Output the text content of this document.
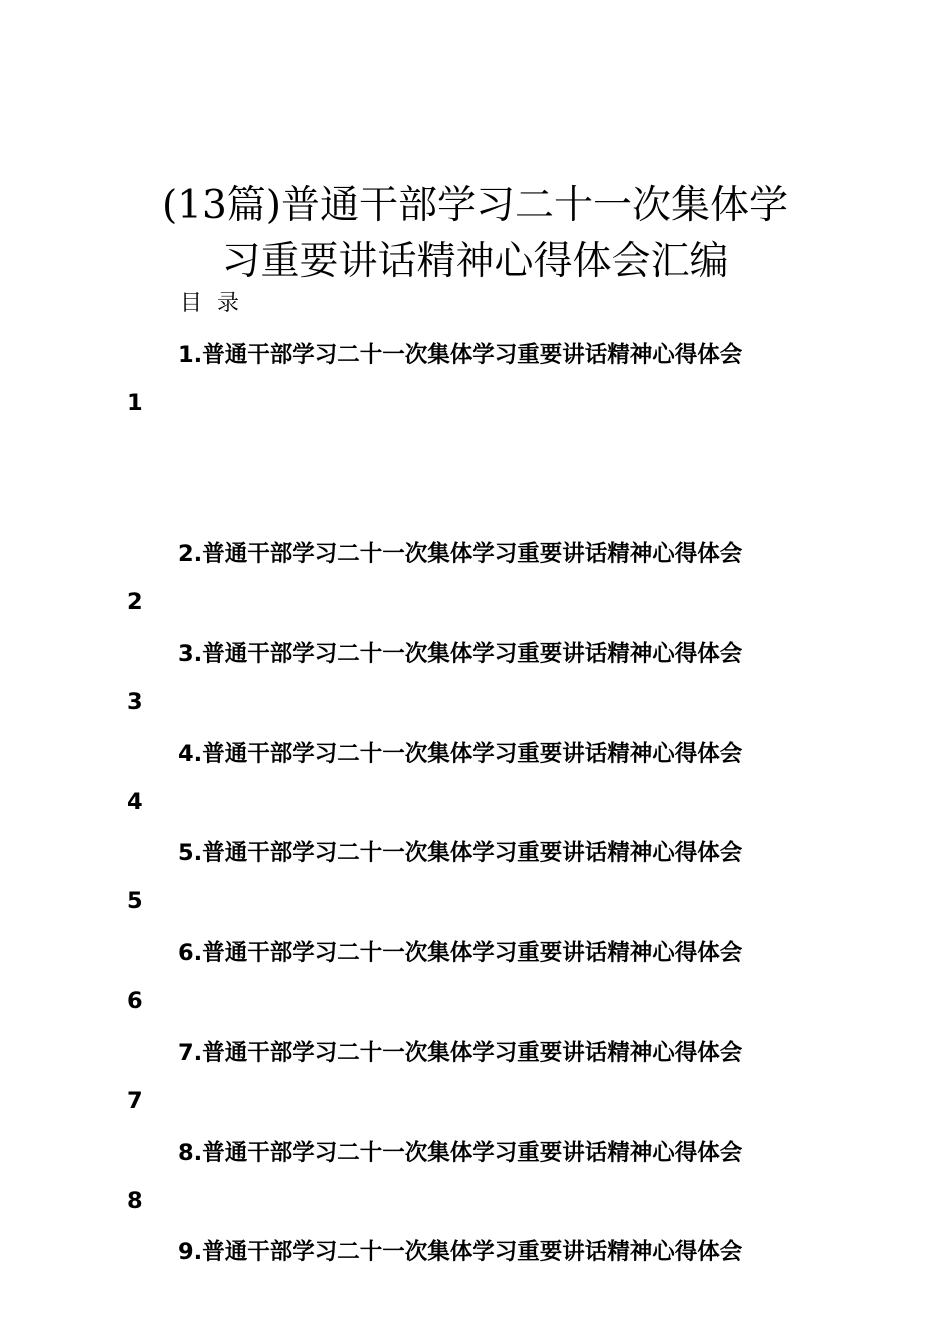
(13篇)普通干部学习二十一次集体学
习重要讲话精神心得体会汇编
目 录
1.普通干部学习二十一次集体学习重要讲话精神心得体会
1
2.普通干部学习二十一次集体学习重要讲话精神心得体会
2
3.普通干部学习二十一次集体学习重要讲话精神心得体会
3
4.普通干部学习二十一次集体学习重要讲话精神心得体会
4
5.普通干部学习二十一次集体学习重要讲话精神心得体会
5
6.普通干部学习二十一次集体学习重要讲话精神心得体会
6
7.普通干部学习二十一次集体学习重要讲话精神心得体会
7
8.普通干部学习二十一次集体学习重要讲话精神心得体会
8
9.普通干部学习二十一次集体学习重要讲话精神心得体会
